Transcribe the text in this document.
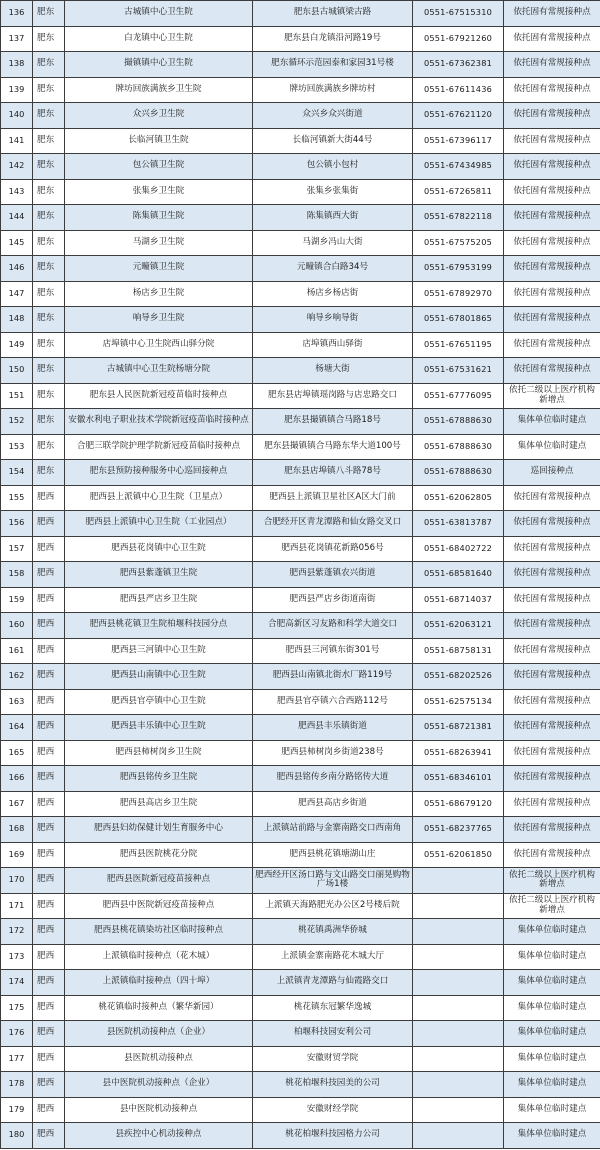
136	肥东	古城镇中心卫生院	肥东县古城镇梁古路	0551-67515310	依托固有常规接种点
137	肥东	白龙镇中心卫生院	肥东县白龙镇沿河路19号	0551-67921260	依托固有常规接种点
138	肥东	撮镇镇中心卫生院	肥东循环示范园泰和家园31号楼	0551-67362381	依托固有常规接种点
139	肥东	牌坊回族满族乡卫生院	牌坊回族满族乡牌坊村	0551-67611436	依托固有常规接种点
140	肥东	众兴乡卫生院	众兴乡众兴街道	0551-67621120	依托固有常规接种点
141	肥东	长临河镇卫生院	长临河镇新大街44号	0551-67396117	依托固有常规接种点
142	肥东	包公镇卫生院	包公镇小包村	0551-67434985	依托固有常规接种点
143	肥东	张集乡卫生院	张集乡张集街	0551-67265811	依托固有常规接种点
144	肥东	陈集镇卫生院	陈集镇西大街	0551-67822118	依托固有常规接种点
145	肥东	马湖乡卫生院	马湖乡冯山大街	0551-67575205	依托固有常规接种点
146	肥东	元疃镇卫生院	元疃镇合白路34号	0551-67953199	依托固有常规接种点
147	肥东	杨店乡卫生院	杨店乡杨店街	0551-67892970	依托固有常规接种点
148	肥东	响导乡卫生院	响导乡响导街	0551-67801865	依托固有常规接种点
149	肥东	店埠镇中心卫生院西山驿分院	店埠镇西山驿街	0551-67651195	依托固有常规接种点
150	肥东	古城镇中心卫生院杨塘分院	杨塘大街	0551-67531621	依托固有常规接种点
151	肥东	肥东县人民医院新冠疫苗临时接种点	肥东县店埠镇瑶岗路与店忠路交口	0551-67776095	依托二级以上医疗机构新增点
152	肥东	安徽水利电子职业技术学院新冠疫苗临时接种点	肥东县撮镇镇合马路18号	0551-67888630	集体单位临时建点
153	肥东	合肥三联学院护理学院新冠疫苗临时接种点	肥东县撮镇镇合马路东华大道100号	0551-67888630	集体单位临时建点
154	肥东	肥东县预防接种服务中心巡回接种点	肥东县店埠镇八斗路78号	0551-67888630	巡回接种点
155	肥西	肥西县上派镇中心卫生院（卫星点）	肥西县上派镇卫星社区A区大门前	0551-62062805	依托固有常规接种点
156	肥西	肥西县上派镇中心卫生院（工业园点）	合肥经开区青龙潭路和仙女路交叉口	0551-63813787	依托固有常规接种点
157	肥西	肥西县花岗镇中心卫生院	肥西县花岗镇花新路056号	0551-68402722	依托固有常规接种点
158	肥西	肥西县紫蓬镇卫生院	肥西县紫蓬镇农兴街道	0551-68581640	依托固有常规接种点
159	肥西	肥西县严店乡卫生院	肥西县严店乡街道南街	0551-68714037	依托固有常规接种点
160	肥西	肥西县桃花镇卫生院柏堰科技园分点	合肥高新区习友路和科学大道交口	0551-62063121	依托固有常规接种点
161	肥西	肥西县三河镇中心卫生院	肥西县三河镇东街301号	0551-68758131	依托固有常规接种点
162	肥西	肥西县山南镇中心卫生院	肥西县山南镇北街水厂路119号	0551-68202526	依托固有常规接种点
163	肥西	肥西县官亭镇中心卫生院	肥西县官亭镇六合西路112号	0551-62575134	依托固有常规接种点
164	肥西	肥西县丰乐镇中心卫生院	肥西县丰乐镇街道	0551-68721381	依托固有常规接种点
165	肥西	肥西县柿树岗乡卫生院	肥西县柿树岗乡街道238号	0551-68263941	依托固有常规接种点
166	肥西	肥西县铭传乡卫生院	肥西县铭传乡南分路铭传大道	0551-68346101	依托固有常规接种点
167	肥西	肥西县高店乡卫生院	肥西县高店乡街道	0551-68679120	依托固有常规接种点
168	肥西	肥西县妇幼保健计划生育服务中心	上派镇站前路与金寨南路交口西南角	0551-68237765	依托固有常规接种点
169	肥西	肥西县医院桃花分院	肥西县桃花镇塘湖山庄	0551-62061850	依托固有常规接种点
170	肥西	肥西县医院新冠疫苗接种点	肥西经开区汤口路与文山路交口丽晃购物广场1楼		依托二级以上医疗机构新增点
171	肥西	肥西县中医院新冠疫苗接种点	上派镇天海路肥光办公区2号楼后院		依托二级以上医疗机构新增点
172	肥西	肥西县桃花镇染坊社区临时接种点	桃花镇禹洲华侨城		集体单位临时建点
173	肥西	上派镇临时接种点（花木城）	上派镇金寨南路花木城大厅		集体单位临时建点
174	肥西	上派镇临时接种点（四十埠）	上派镇青龙潭路与仙霞路交口		集体单位临时建点
175	肥西	桃花镇临时接种点（繁华新园）	桃花镇东冠繁华逸城		集体单位临时建点
176	肥西	县医院机动接种点（企业）	柏堰科技园安利公司		集体单位临时建点
177	肥西	县医院机动接种点	安徽财贸学院		集体单位临时建点
178	肥西	县中医院机动接种点（企业）	桃花柏堰科技园美的公司		集体单位临时建点
179	肥西	县中医院机动接种点	安徽财经学院		集体单位临时建点
180	肥西	县疾控中心机动接种点	桃花柏堰科技园格力公司		集体单位临时建点
